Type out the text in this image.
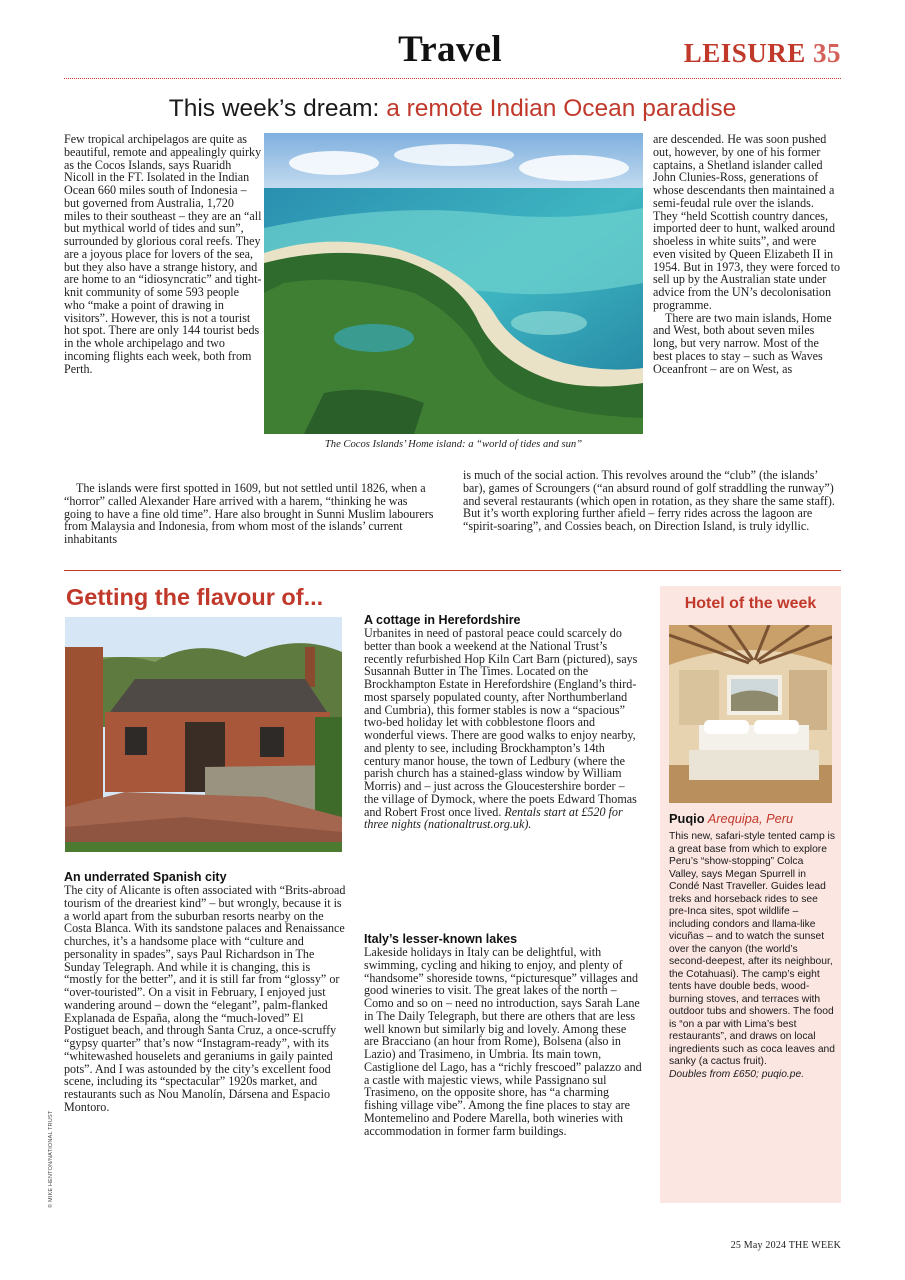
Travel	LEISURE 35
This week’s dream: a remote Indian Ocean paradise

Few tropical archipelagos are quite as beautiful, remote and appealingly quirky as the Cocos Islands, says Ruaridh Nicoll in the FT. Isolated in the Indian Ocean 660 miles south of Indonesia – but governed from Australia, 1,720 miles to their southeast – they are an “all but mythical world of tides and sun”, surrounded by glorious coral reefs. They are a joyous place for lovers of the sea, but they also have a strange history, and are home to an “idiosyncratic” and tight-knit community of some 593 people who “make a point of drawing in visitors”. However, this is not a tourist hot spot. There are only 144 tourist beds in the whole archipelago and two incoming flights each week, both from Perth.

The Cocos Islands’ Home island: a “world of tides and sun”

are descended. He was soon pushed out, however, by one of his former captains, a Shetland islander called John Clunies-Ross, generations of whose descendants then maintained a semi-feudal rule over the islands. They “held Scottish country dances, imported deer to hunt, walked around shoeless in white suits”, and were even visited by Queen Elizabeth II in 1954. But in 1973, they were forced to sell up by the Australian state under advice from the UN’s decolonisation programme.

There are two main islands, Home and West, both about seven miles long, but very narrow. Most of the best places to stay – such as Waves Oceanfront – are on West, as

The islands were first spotted in 1609, but not settled until 1826, when a “horror” called Alexander Hare arrived with a harem, “thinking he was going to have a fine old time”. Hare also brought in Sunni Muslim labourers from Malaysia and Indonesia, from whom most of the islands’ current inhabitants

is much of the social action. This revolves around the “club” (the islands’ bar), games of Scroungers (“an absurd round of golf straddling the runway”) and several restaurants (which open in rotation, as they share the same staff). But it’s worth exploring further afield – ferry rides across the lagoon are “spirit-soaring”, and Cossies beach, on Direction Island, is truly idyllic.

Getting the flavour of...
An underrated Spanish city

The city of Alicante is often associated with “Brits-abroad tourism of the dreariest kind” – but wrongly, because it is a world apart from the suburban resorts nearby on the Costa Blanca. With its sandstone palaces and Renaissance churches, it’s a handsome place with “culture and personality in spades”, says Paul Richardson in The Sunday Telegraph. And while it is changing, this is “mostly for the better”, and it is still far from “glossy” or “over-touristed”. On a visit in February, I enjoyed just wandering around – down the “elegant”, palm-flanked Explanada de España, along the “much-loved” El Postiguet beach, and through Santa Cruz, a once-scruffy “gypsy quarter” that’s now “Instagram-ready”, with its “whitewashed houselets and geraniums in gaily painted pots”. And I was astounded by the city’s excellent food scene, including its “spectacular” 1920s market, and restaurants such as Nou Manolín, Dársena and Espacio Montoro.

A cottage in Herefordshire

Urbanites in need of pastoral peace could scarcely do better than book a weekend at the National Trust’s recently refurbished Hop Kiln Cart Barn (pictured), says Susannah Butter in The Times. Located on the Brockhampton Estate in Herefordshire (England’s third-most sparsely populated county, after Northumberland and Cumbria), this former stables is now a “spacious” two-bed holiday let with cobblestone floors and wonderful views. There are good walks to enjoy nearby, and plenty to see, including Brockhampton’s 14th century manor house, the town of Ledbury (where the parish church has a stained-glass window by William Morris) and – just across the Gloucestershire border – the village of Dymock, where the poets Edward Thomas and Robert Frost once lived. Rentals start at £520 for three nights (nationaltrust.org.uk).

Italy’s lesser-known lakes

Lakeside holidays in Italy can be delightful, with swimming, cycling and hiking to enjoy, and plenty of “handsome” shoreside towns, “picturesque” villages and good wineries to visit. The great lakes of the north – Como and so on – need no introduction, says Sarah Lane in The Daily Telegraph, but there are others that are less well known but similarly big and lovely. Among these are Bracciano (an hour from Rome), Bolsena (also in Lazio) and Trasimeno, in Umbria. Its main town, Castiglione del Lago, has a “richly frescoed” palazzo and a castle with majestic views, while Passignano sul Trasimeno, on the opposite shore, has “a charming fishing village vibe”. Among the fine places to stay are Montemelino and Podere Marella, both wineries with accommodation in former farm buildings.

© MIKE HENTON/NATIONAL TRUST
Hotel of the week
Puqio Arequipa, Peru
This new, safari-style tented camp is a great base from which to explore Peru’s “show-stopping” Colca Valley, says Megan Spurrell in Condé Nast Traveller. Guides lead treks and horseback rides to see pre-Inca sites, spot wildlife – including condors and llama-like vicuñas – and to watch the sunset over the canyon (the world’s second-deepest, after its neighbour, the Cotahuasi). The camp’s eight tents have double beds, wood-burning stoves, and terraces with outdoor tubs and showers. The food is “on a par with Lima’s best restaurants”, and draws on local ingredients such as coca leaves and sanky (a cactus fruit).
Doubles from £650; puqio.pe.
25 May 2024 THE WEEK
